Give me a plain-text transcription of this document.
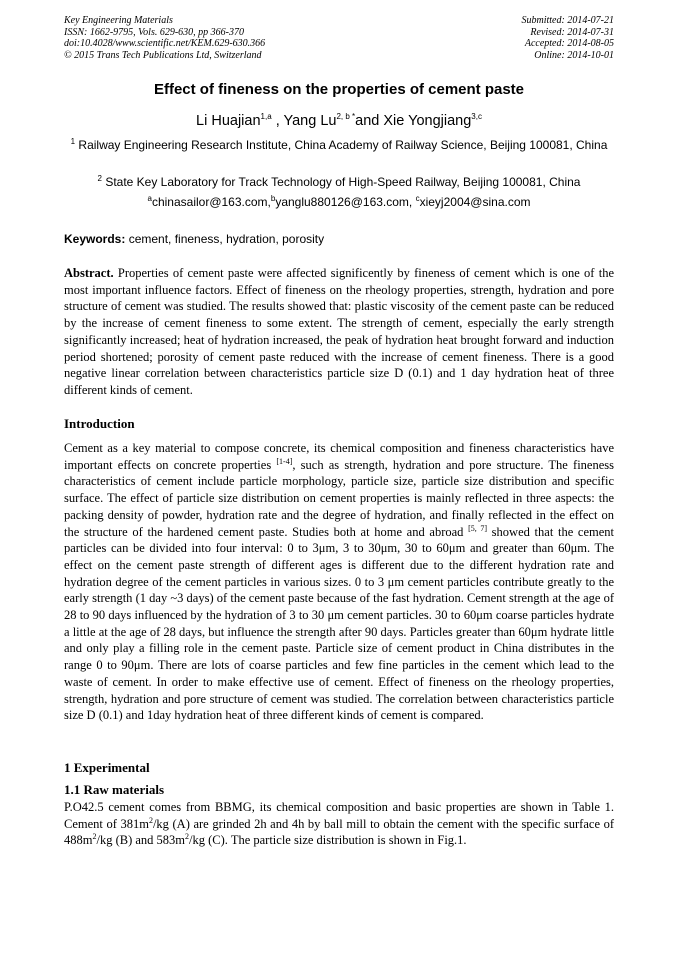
Key Engineering Materials
ISSN: 1662-9795, Vols. 629-630, pp 366-370
doi:10.4028/www.scientific.net/KEM.629-630.366
© 2015 Trans Tech Publications Ltd, Switzerland
Submitted: 2014-07-21
Revised: 2014-07-31
Accepted: 2014-08-05
Online: 2014-10-01
Effect of fineness on the properties of cement paste
Li Huajian$^{1,a}$ , Yang $Lu^{2, b *}and$ Xie Yongjiang$^{3,c}$
$^1$ Railway Engineering Research Institute, China Academy of Railway Science, Beijing 100081, China
$^2$ State Key Laboratory for Track Technology of High-Speed Railway, Beijing 100081, China
$^a$chinasailor@163.com,$^b$yanglu880126@163.com, $^c$xieyj2004@sina.com
Keywords: cement, fineness, hydration, porosity
Abstract. Properties of cement paste were affected significently by fineness of cement which is one of the most important influence factors. Effect of fineness on the rheology properties, strength, hydration and pore structure of cement was studied. The results showed that: plastic viscosity of the cement paste can be reduced by the increase of cement fineness to some extent. The strength of cement, especially the early strength significantly increased; heat of hydration increased, the peak of hydration heat brought forward and induction period shortened; porosity of cement paste reduced with the increase of cement fineness. There is a good negative linear correlation between characteristics particle size D (0.1) and 1 day hydration heat of three different kinds of cement.
Introduction
Cement as a key material to compose concrete, its chemical composition and fineness characteristics have important effects on concrete properties [1-4], such as strength, hydration and pore structure. The fineness characteristics of cement include particle morphology, particle size, particle size distribution and specific surface. The effect of particle size distribution on cement properties is mainly reflected in three aspects: the packing density of powder, hydration rate and the degree of hydration, and finally reflected in the effect on the structure of the hardened cement paste. Studies both at home and abroad [5, 7] showed that the cement particles can be divided into four interval: 0 to 3μm, 3 to 30μm, 30 to 60μm and greater than 60μm. The effect on the cement paste strength of different ages is different due to the different hydration rate and hydration degree of the cement particles in various sizes. 0 to 3 μm cement particles contribute greatly to the early strength (1 day ~3 days) of the cement paste because of the fast hydration. Cement strength at the age of 28 to 90 days influenced by the hydration of 3 to 30 μm cement particles. 30 to 60μm coarse particles hydrate a little at the age of 28 days, but influence the strength after 90 days. Particles greater than 60μm hydrate little and only play a filling role in the cement paste. Particle size of cement product in China distributes in the range 0 to 90μm. There are lots of coarse particles and few fine particles in the cement which lead to the waste of cement. In order to make effective use of cement. Effect of fineness on the rheology properties, strength, hydration and pore structure of cement was studied. The correlation between characteristics particle size D (0.1) and 1day hydration heat of three different kinds of cement is compared.
1 Experimental
1.1 Raw materials
P.O42.5 cement comes from BBMG, its chemical composition and basic properties are shown in Table 1. Cement of $381m^2/kg$ (A) are grinded 2h and 4h by ball mill to obtain the cement with the specific surface of $488m^2/kg$ (B) and $583m^2/kg$ (C). The particle size distribution is shown in Fig.1.
